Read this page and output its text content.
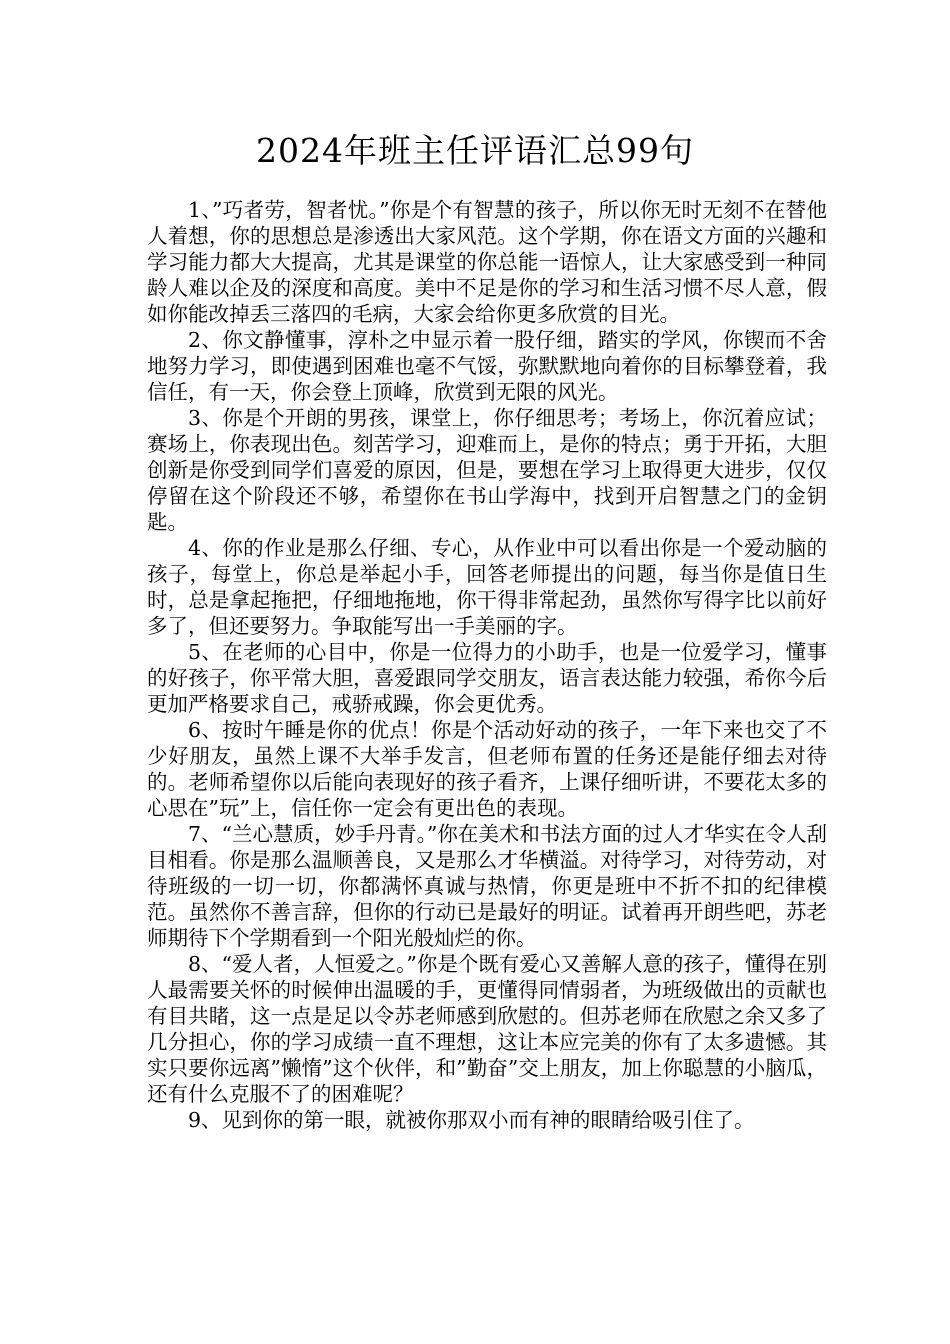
2024年班主任评语汇总99句

1、”巧者劳，智者忧。”你是个有智慧的孩子，所以你无时无刻不在替他人着想，你的思想总是渗透出大家风范。这个学期，你在语文方面的兴趣和学习能力都大大提高，尤其是课堂的你总能一语惊人，让大家感受到一种同龄人难以企及的深度和高度。美中不足是你的学习和生活习惯不尽人意，假如你能改掉丢三落四的毛病，大家会给你更多欣赏的目光。

2、你文静懂事，淳朴之中显示着一股仔细，踏实的学风，你锲而不舍地努力学习，即使遇到困难也毫不气馁，弥默默地向着你的目标攀登着，我信任，有一天，你会登上顶峰，欣赏到无限的风光。

3、你是个开朗的男孩，课堂上，你仔细思考；考场上，你沉着应试；赛场上，你表现出色。刻苦学习，迎难而上，是你的特点；勇于开拓，大胆创新是你受到同学们喜爱的原因，但是，要想在学习上取得更大进步，仅仅停留在这个阶段还不够，希望你在书山学海中，找到开启智慧之门的金钥匙。

4、你的作业是那么仔细、专心，从作业中可以看出你是一个爱动脑的孩子，每堂上，你总是举起小手，回答老师提出的问题，每当你是值日生时，总是拿起拖把，仔细地拖地，你干得非常起劲，虽然你写得字比以前好多了，但还要努力。争取能写出一手美丽的字。

5、在老师的心目中，你是一位得力的小助手，也是一位爱学习，懂事的好孩子，你平常大胆，喜爱跟同学交朋友，语言表达能力较强，希你今后更加严格要求自己，戒骄戒躁，你会更优秀。

6、按时午睡是你的优点！你是个活动好动的孩子，一年下来也交了不少好朋友，虽然上课不大举手发言，但老师布置的任务还是能仔细去对待的。老师希望你以后能向表现好的孩子看齐，上课仔细听讲，不要花太多的心思在”玩”上，信任你一定会有更出色的表现。

7、“兰心慧质，妙手丹青。”你在美术和书法方面的过人才华实在令人刮目相看。你是那么温顺善良，又是那么才华横溢。对待学习，对待劳动，对待班级的一切一切，你都满怀真诚与热情，你更是班中不折不扣的纪律模范。虽然你不善言辞，但你的行动已是最好的明证。试着再开朗些吧，苏老师期待下个学期看到一个阳光般灿烂的你。

8、“爱人者，人恒爱之。”你是个既有爱心又善解人意的孩子，懂得在别人最需要关怀的时候伸出温暖的手，更懂得同情弱者，为班级做出的贡献也有目共睹，这一点是足以令苏老师感到欣慰的。但苏老师在欣慰之余又多了几分担心，你的学习成绩一直不理想，这让本应完美的你有了太多遗憾。其实只要你远离”懒惰”这个伙伴，和”勤奋”交上朋友，加上你聪慧的小脑瓜，还有什么克服不了的困难呢？

9、见到你的第一眼，就被你那双小而有神的眼睛给吸引住了。
